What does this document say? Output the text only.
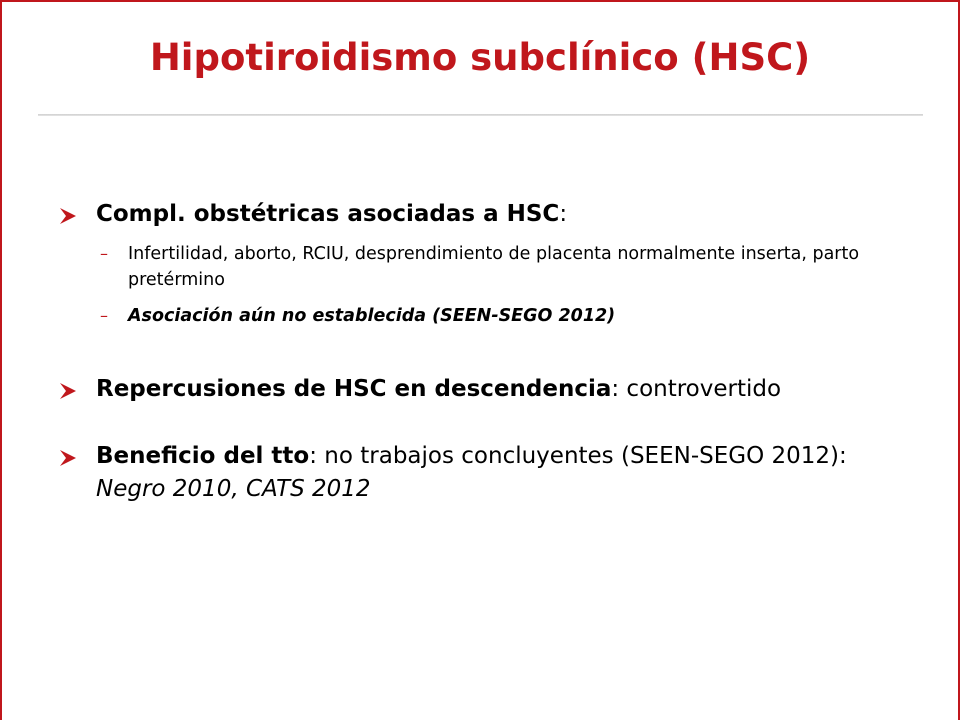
Hipotiroidismo subclínico (HSC)
Compl. obstétricas asociadas a HSC:
–	Infertilidad, aborto, RCIU, desprendimiento de placenta normalmente inserta, parto pretérmino
–	Asociación aún no establecida (SEEN-SEGO 2012)
Repercusiones de HSC en descendencia: controvertido
Beneficio del tto: no trabajos concluyentes (SEEN-SEGO 2012): Negro 2010, CATS 2012
